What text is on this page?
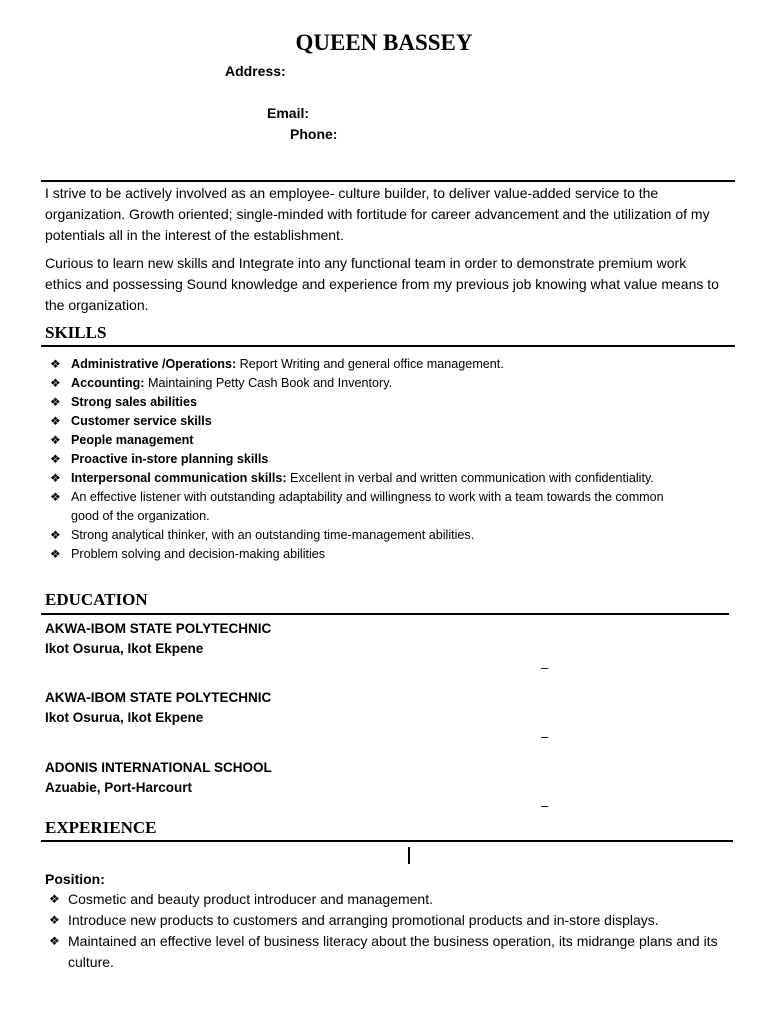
QUEEN BASSEY
Address:
Email:
Phone:
I strive to be actively involved as an employee- culture builder, to deliver value-added service to the organization. Growth oriented; single-minded with fortitude for career advancement and the utilization of my potentials all in the interest of the establishment.
Curious to learn new skills and Integrate into any functional team in order to demonstrate premium work ethics and possessing Sound knowledge and experience from my previous job knowing what value means to the organization.
SKILLS
❖ Administrative /Operations: Report Writing and general office management.
❖ Accounting: Maintaining Petty Cash Book and Inventory.
❖ Strong sales abilities
❖ Customer service skills
❖ People management
❖ Proactive in-store planning skills
❖ Interpersonal communication skills: Excellent in verbal and written communication with confidentiality.
❖ An effective listener with outstanding adaptability and willingness to work with a team towards the common good of the organization.
❖ Strong analytical thinker, with an outstanding time-management abilities.
❖ Problem solving and decision-making abilities
EDUCATION
AKWA-IBOM STATE POLYTECHNIC
Ikot Osurua, Ikot Ekpene
–
AKWA-IBOM STATE POLYTECHNIC
Ikot Osurua, Ikot Ekpene
–
ADONIS INTERNATIONAL SCHOOL
Azuabie, Port-Harcourt
–
EXPERIENCE
Position:
❖ Cosmetic and beauty product introducer and management.
❖ Introduce new products to customers and arranging promotional products and in-store displays.
❖ Maintained an effective level of business literacy about the business operation, its midrange plans and its culture.
